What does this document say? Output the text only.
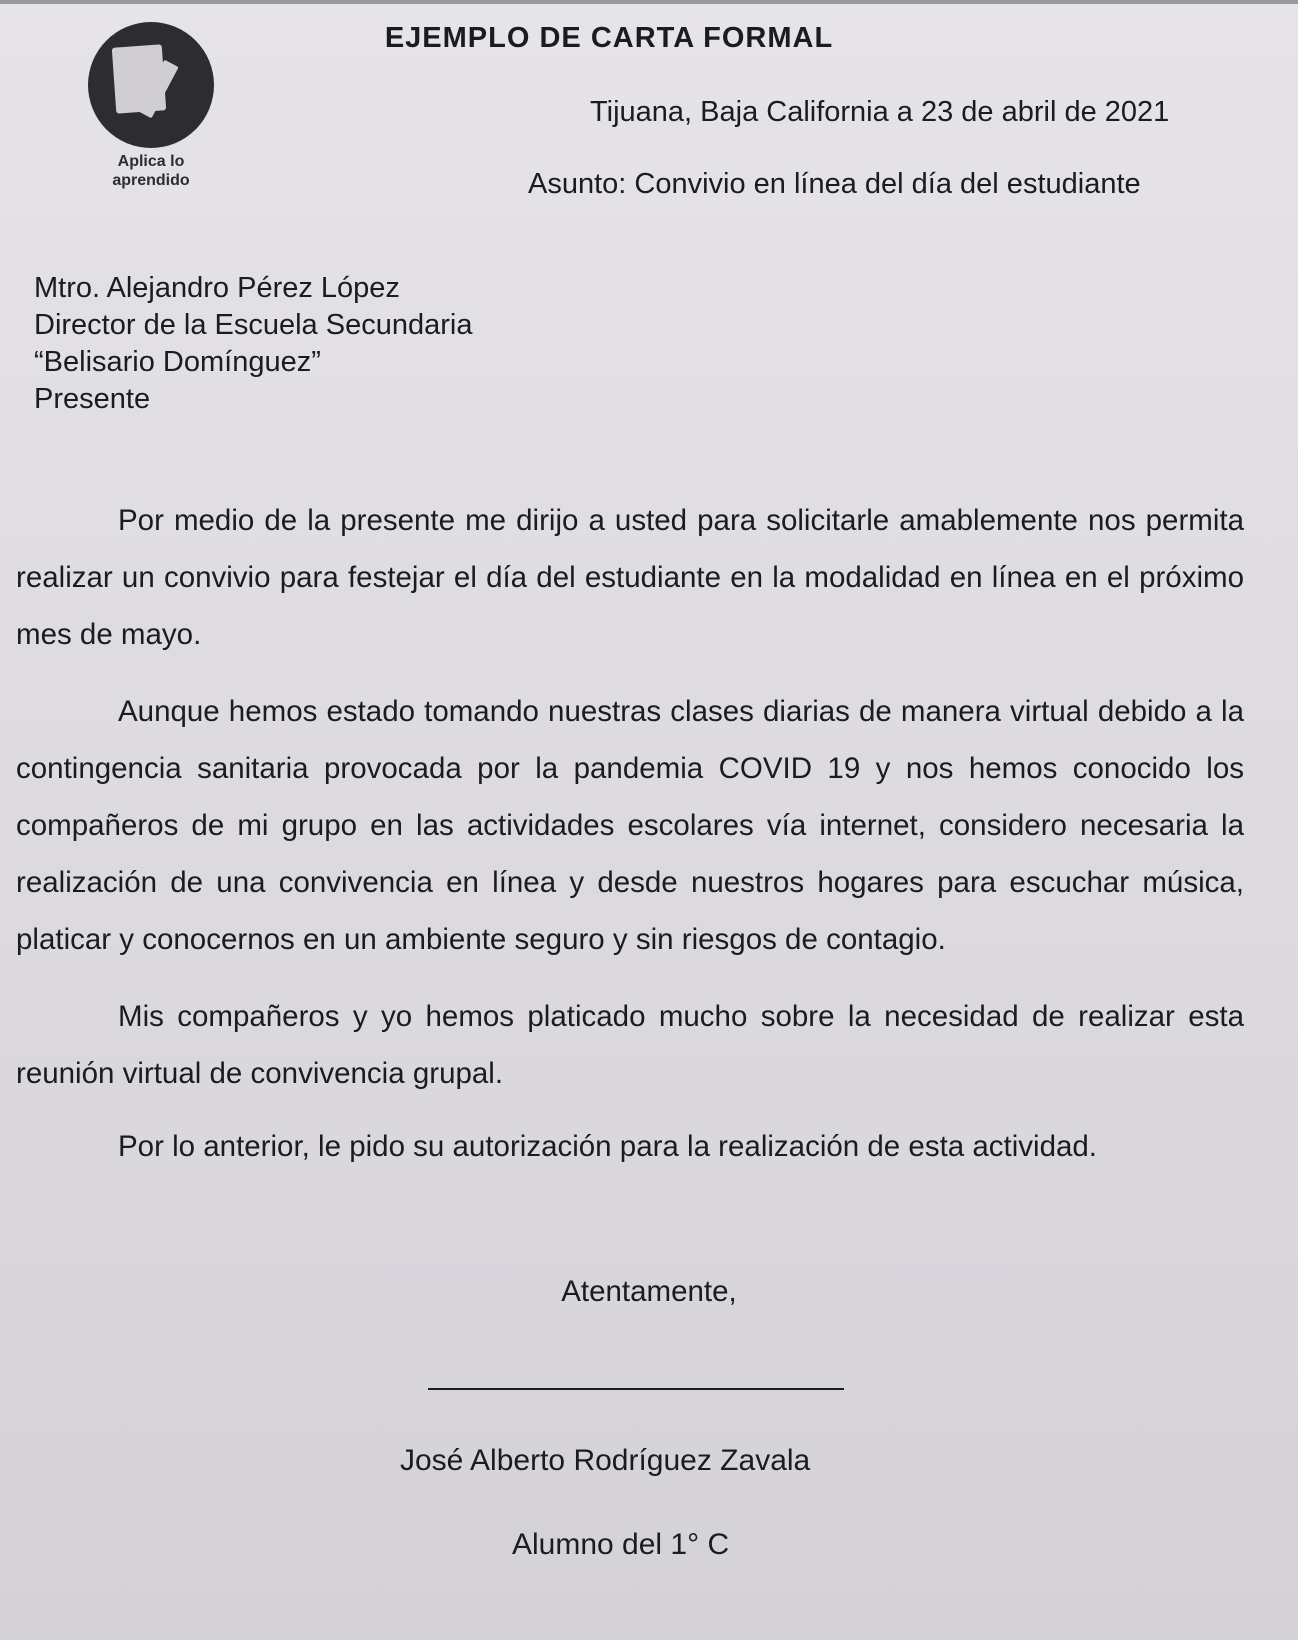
Aplica lo
aprendido
EJEMPLO DE CARTA FORMAL
Tijuana, Baja California a 23 de abril de 2021
Asunto: Convivio en línea del día del estudiante
Mtro. Alejandro Pérez López
Director de la Escuela Secundaria
“Belisario Domínguez”
Presente

Por medio de la presente me dirijo a usted para solicitarle amablemente nos permita realizar un convivio para festejar el día del estudiante en la modalidad en línea en el próximo mes de mayo.

Aunque hemos estado tomando nuestras clases diarias de manera virtual debido a la contingencia sanitaria provocada por la pandemia COVID 19 y nos hemos conocido los compañeros de mi grupo en las actividades escolares vía internet, considero necesaria la realización de una convivencia en línea y desde nuestros hogares para escuchar música, platicar y conocernos en un ambiente seguro y sin riesgos de contagio.

Mis compañeros y yo hemos platicado mucho sobre la necesidad de realizar esta reunión virtual de convivencia grupal.

Por lo anterior, le pido su autorización para la realización de esta actividad.

Atentamente,
José Alberto Rodríguez Zavala
Alumno del 1° C
